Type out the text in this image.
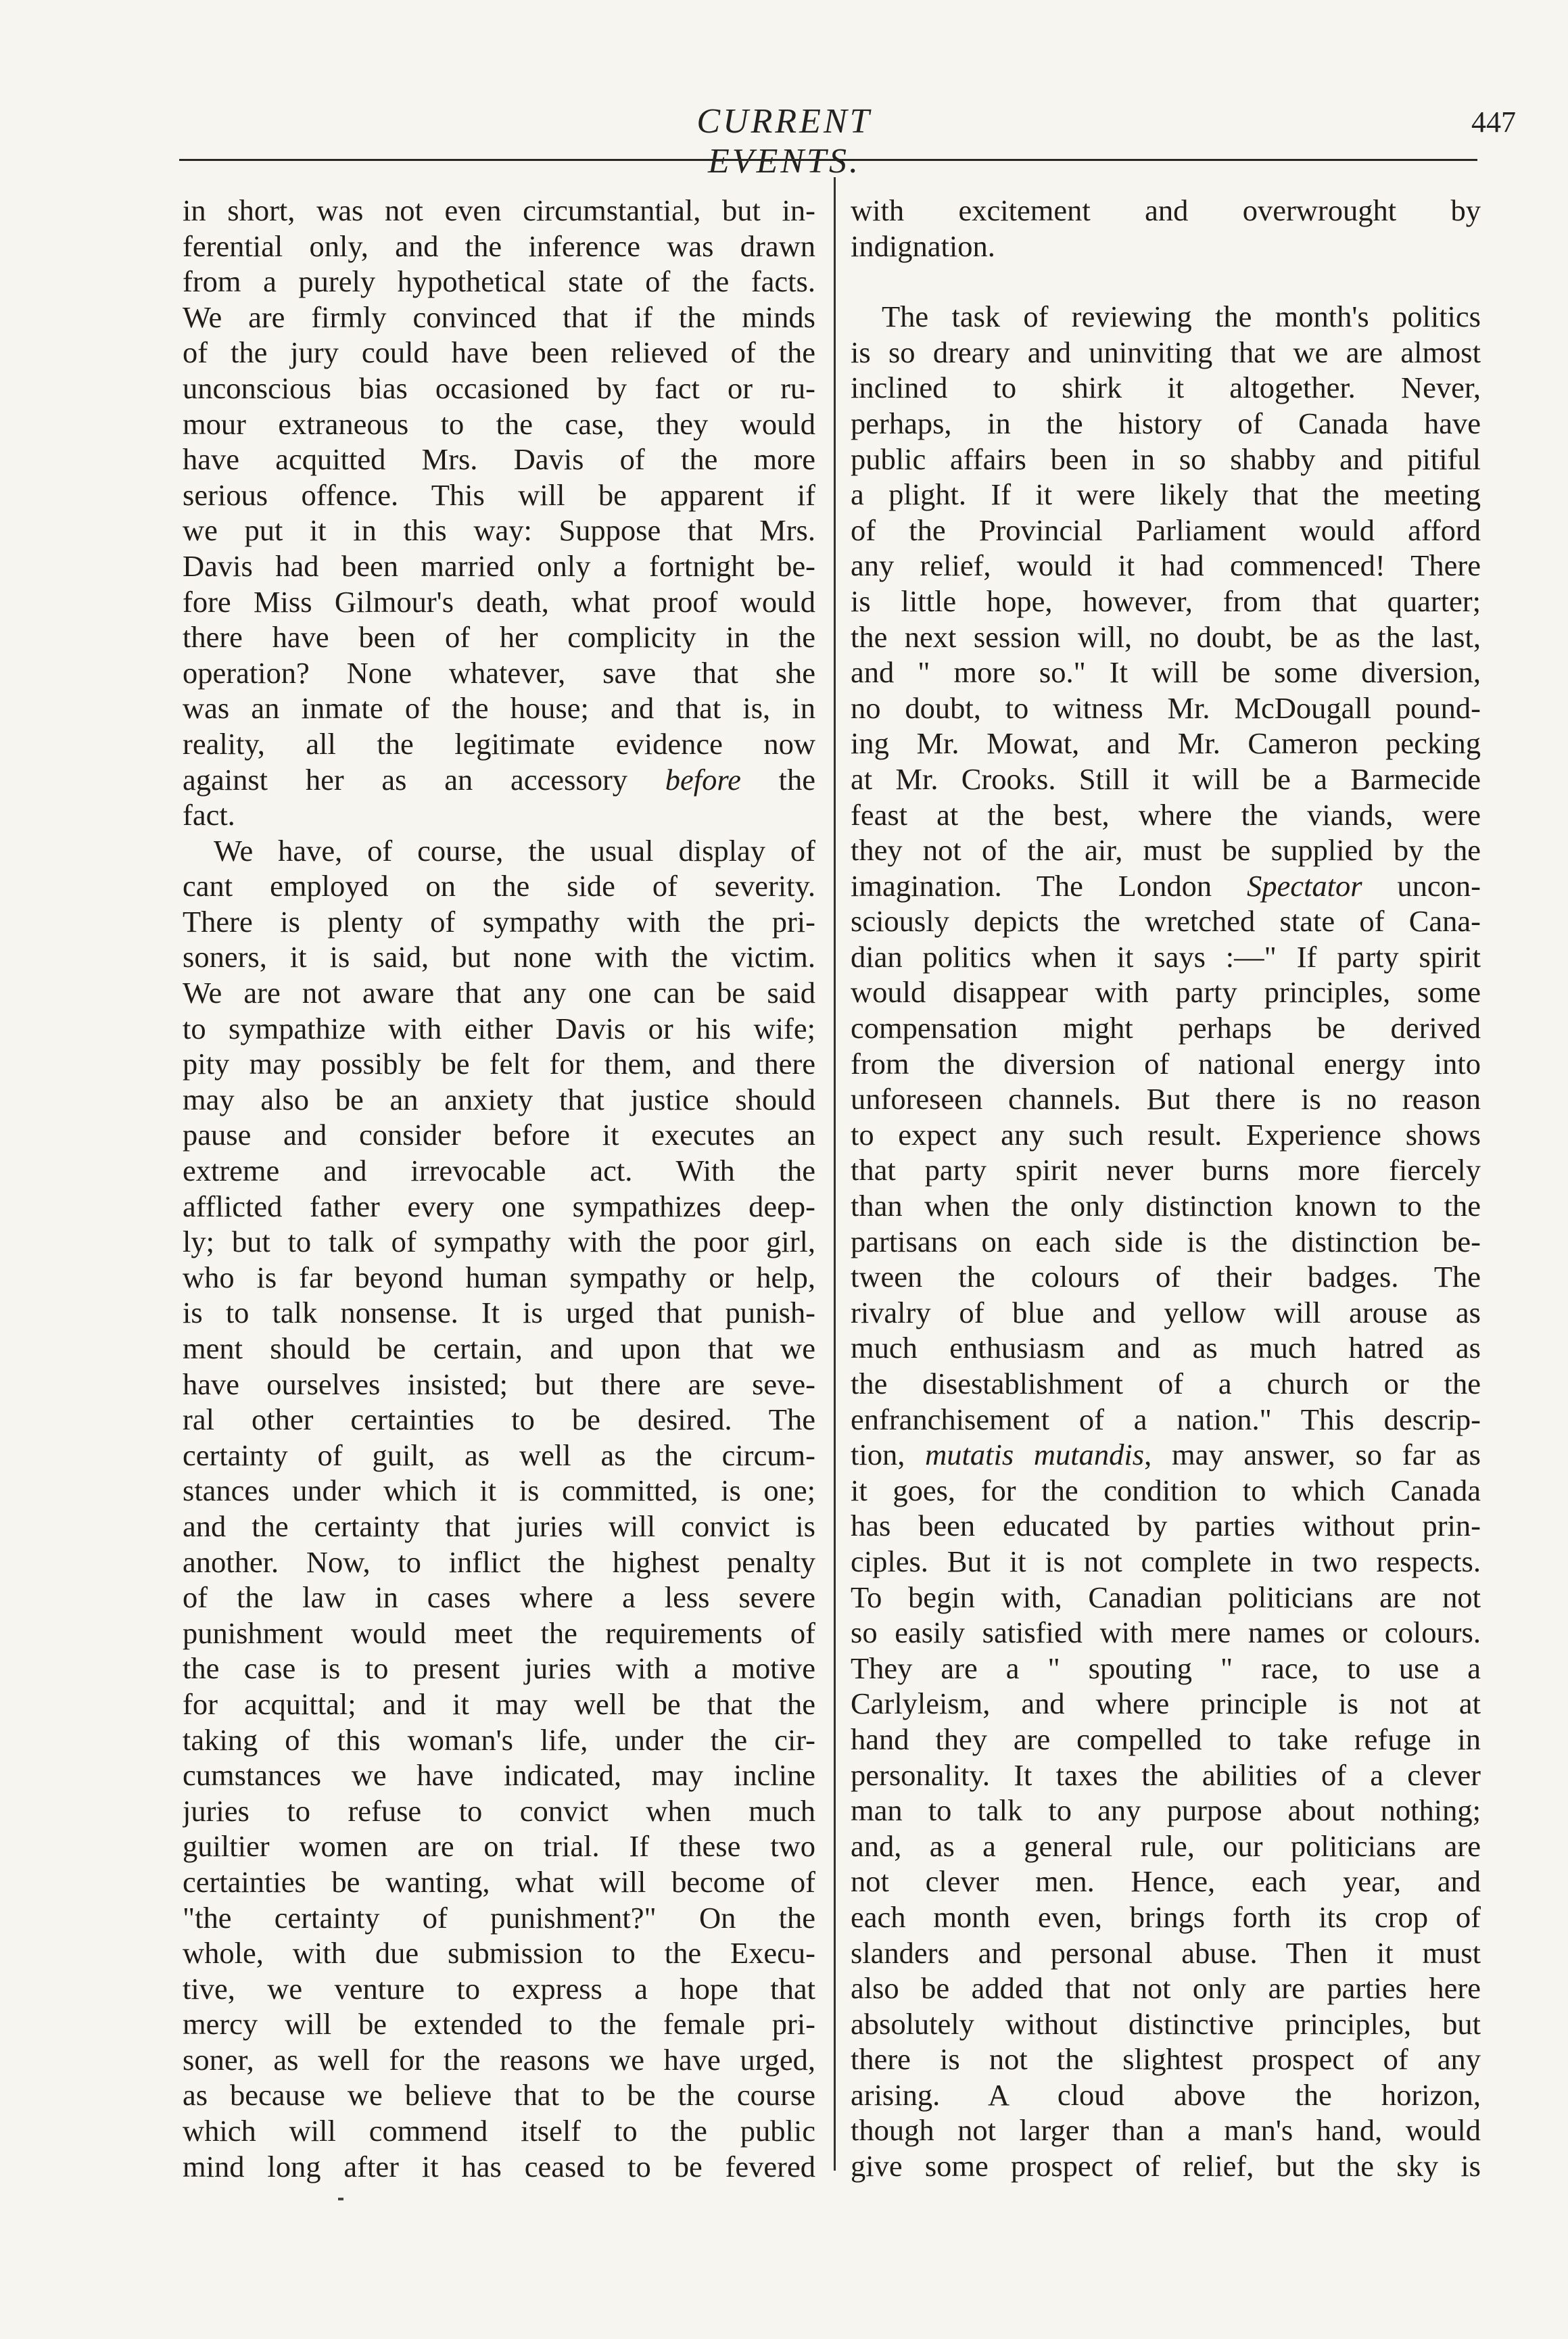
CURRENT EVENTS.
447
in short, was not even circumstantial, but in-
ferential only, and the inference was drawn
from a purely hypothetical state of the facts.
We are firmly convinced that if the minds
of the jury could have been relieved of the
unconscious bias occasioned by fact or ru-
mour extraneous to the case, they would
have acquitted Mrs. Davis of the more
serious offence. This will be apparent if
we put it in this way: Suppose that Mrs.
Davis had been married only a fortnight be-
fore Miss Gilmour's death, what proof would
there have been of her complicity in the
operation? None whatever, save that she
was an inmate of the house; and that is, in
reality, all the legitimate evidence now
against her as an accessory before the
fact.
We have, of course, the usual display of
cant employed on the side of severity.
There is plenty of sympathy with the pri-
soners, it is said, but none with the victim.
We are not aware that any one can be said
to sympathize with either Davis or his wife;
pity may possibly be felt for them, and there
may also be an anxiety that justice should
pause and consider before it executes an
extreme and irrevocable act. With the
afflicted father every one sympathizes deep-
ly; but to talk of sympathy with the poor girl,
who is far beyond human sympathy or help,
is to talk nonsense. It is urged that punish-
ment should be certain, and upon that we
have ourselves insisted; but there are seve-
ral other certainties to be desired. The
certainty of guilt, as well as the circum-
stances under which it is committed, is one;
and the certainty that juries will convict is
another. Now, to inflict the highest penalty
of the law in cases where a less severe
punishment would meet the requirements of
the case is to present juries with a motive
for acquittal; and it may well be that the
taking of this woman's life, under the cir-
cumstances we have indicated, may incline
juries to refuse to convict when much
guiltier women are on trial. If these two
certainties be wanting, what will become of
"the certainty of punishment?" On the
whole, with due submission to the Execu-
tive, we venture to express a hope that
mercy will be extended to the female pri-
soner, as well for the reasons we have urged,
as because we believe that to be the course
which will commend itself to the public
mind long after it has ceased to be fevered
with excitement and overwrought by
indignation.
The task of reviewing the month's politics
is so dreary and uninviting that we are almost
inclined to shirk it altogether. Never,
perhaps, in the history of Canada have
public affairs been in so shabby and pitiful
a plight. If it were likely that the meeting
of the Provincial Parliament would afford
any relief, would it had commenced! There
is little hope, however, from that quarter;
the next session will, no doubt, be as the last,
and " more so." It will be some diversion,
no doubt, to witness Mr. McDougall pound-
ing Mr. Mowat, and Mr. Cameron pecking
at Mr. Crooks. Still it will be a Barmecide
feast at the best, where the viands, were
they not of the air, must be supplied by the
imagination. The London Spectator uncon-
sciously depicts the wretched state of Cana-
dian politics when it says :—" If party spirit
would disappear with party principles, some
compensation might perhaps be derived
from the diversion of national energy into
unforeseen channels. But there is no reason
to expect any such result. Experience shows
that party spirit never burns more fiercely
than when the only distinction known to the
partisans on each side is the distinction be-
tween the colours of their badges. The
rivalry of blue and yellow will arouse as
much enthusiasm and as much hatred as
the disestablishment of a church or the
enfranchisement of a nation." This descrip-
tion, mutatis mutandis, may answer, so far as
it goes, for the condition to which Canada
has been educated by parties without prin-
ciples. But it is not complete in two respects.
To begin with, Canadian politicians are not
so easily satisfied with mere names or colours.
They are a " spouting " race, to use a
Carlyleism, and where principle is not at
hand they are compelled to take refuge in
personality. It taxes the abilities of a clever
man to talk to any purpose about nothing;
and, as a general rule, our politicians are
not clever men. Hence, each year, and
each month even, brings forth its crop of
slanders and personal abuse. Then it must
also be added that not only are parties here
absolutely without distinctive principles, but
there is not the slightest prospect of any
arising. A cloud above the horizon,
though not larger than a man's hand, would
give some prospect of relief, but the sky is
